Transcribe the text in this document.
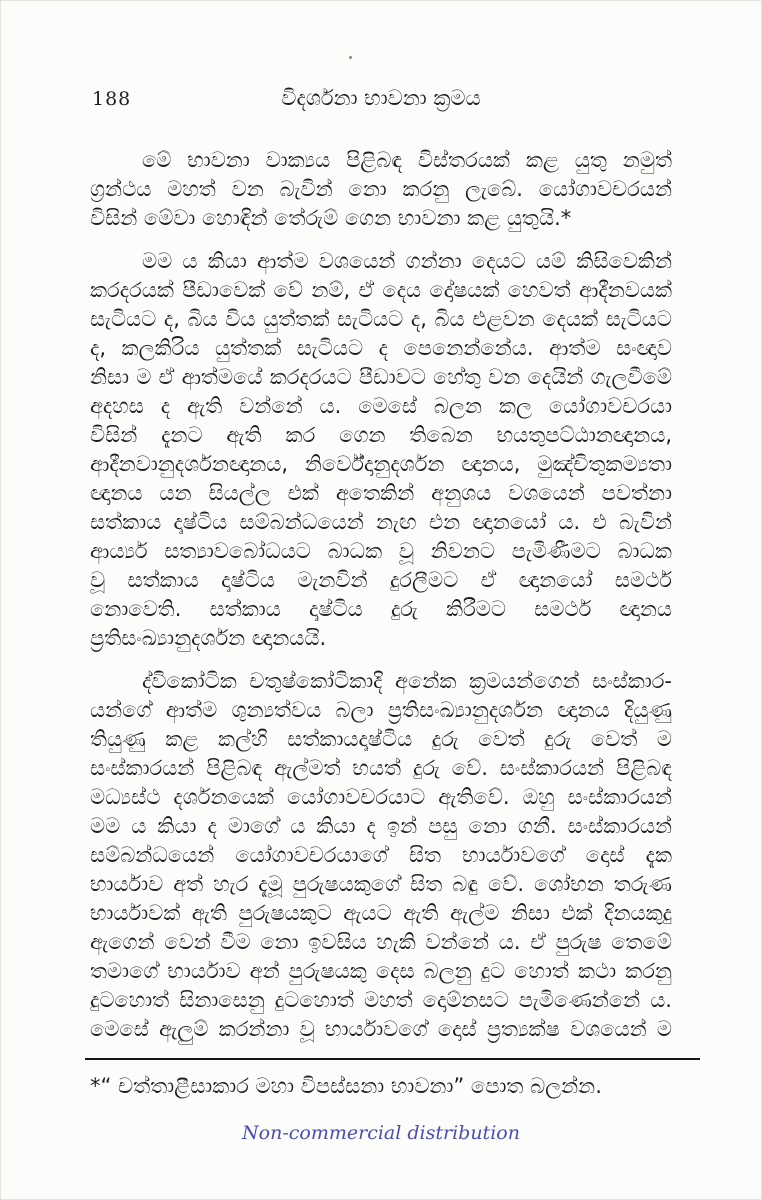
188	විදර්ශනා භාවනා ක්‍රමය
මේ භාවනා වාක්‍යය පිළිබඳ විස්තරයක් කළ යුතු නමුත්
ග්‍රන්ථය මහත් වන බැවින් නො කරනු ලැබේ. යෝගාවචරයන්
විසින් මේවා හොඳින් තේරුම් ගෙන භාවනා කළ යුතුයි.*
මම ය කියා ආත්ම වශයෙන් ගන්නා දෙයට යම් කිසිවෙකින්
කරදරයක් පීඩාවෙක් වේ නම්, ඒ දෙය දෝෂයක් හෙවත් ආදීනවයක්
සැටියට ද, බිය විය යුත්තක් සැටියට ද, බිය එළවන දෙයක් සැටියට
ද, කලකිරිය යුත්තක් සැටියට ද පෙනෙන්නේය. ආත්ම සංඥාව
නිසා ම ඒ ආත්මයේ කරදරයට පීඩාවට හේතු වන දෙයින් ගැලවීමේ
අදහස ද ඇති වන්නේ ය. මෙසේ බලන කල යෝගාවචරයා
විසින් දැනට ඇති කර ගෙන තිබෙන භයතුපට්ඨානඥානය,
ආදීනවානුදර්ශනඥානය, නිර්වේදානුදර්ශන ඥානය, මුඤ්චිතුකම්‍යතා
ඥානය යන සියල්ල එක් අතෙකින් අනුශය වශයෙන් පවත්නා
සත්කාය දෘෂ්ටිය සම්බන්ධයෙන් නැඟ එන ඥානයෝ ය. එ බැවින්
ආර්ය්‍ය සත්‍යාවබෝධයට බාධක වූ නිවනට පැමිණීමට බාධක
වූ සත්කාය දෘෂ්ටිය මැනවින් දුරලීමට ඒ ඥානයෝ සමර්ථ
නොවෙති. සත්කාය දෘෂ්ටිය දුරු කිරීමට සමර්ථ ඥානය
ප්‍රතිසංඛ්‍යානුදර්ශන ඥානයයි.
ද්විකෝටික චතුෂ්කෝටිකාදි අනේක ක්‍රමයන්ගෙන් සංස්කාර-
යන්ගේ ආත්ම ශුන්‍යත්වය බලා ප්‍රතිසංඛ්‍යානුදර්ශන ඥානය දියුණු
තියුණු කළ කල්හි සත්කායදෘෂ්ටිය දුරු වෙත් දුරු වෙත් ම
සංස්කාරයන් පිළිබඳ ඇල්මත් භයත් දුරු වේ. සංස්කාරයන් පිළිබඳ
මධ්‍යස්ථ දර්ශනයෙක් යෝගාවචරයාට ඇතිවේ. ඔහු සංස්කාරයන්
මම ය කියා ද මාගේ ය කියා ද ඉන් පසු නො ගනී. සංස්කාරයන්
සම්බන්ධයෙන් යෝගාවචරයාගේ සිත භාර්යාවගේ දොස් දැක
භාර්යාව අත් හැර දැමූ පුරුෂයකුගේ සිත බඳු වේ. ශෝභන තරුණ
භාර්යාවක් ඇති පුරුෂයකුට ඇයට ඇති ඇල්ම නිසා එක් දිනයකුදු
ඇගෙන් වෙන් වීම නො ඉවසිය හැකි වන්නේ ය. ඒ පුරුෂ තෙමේ
තමාගේ භාර්යාව අන් පුරුෂයකු දෙස බලනු දුට හොත් කථා කරනු
දුටහොත් සිනාසෙනු දුටහොත් මහත් දොම්නසට පැමිණෙන්නේ ය.
මෙසේ ඇලුම් කරන්නා වූ භාර්යාවගේ දොස් ප්‍රත්‍යක්ෂ වශයෙන් ම
*“ චත්තාළීසාකාර මහා විපස්සනා භාවනා” පොත බලන්න.
Non-commercial distribution
